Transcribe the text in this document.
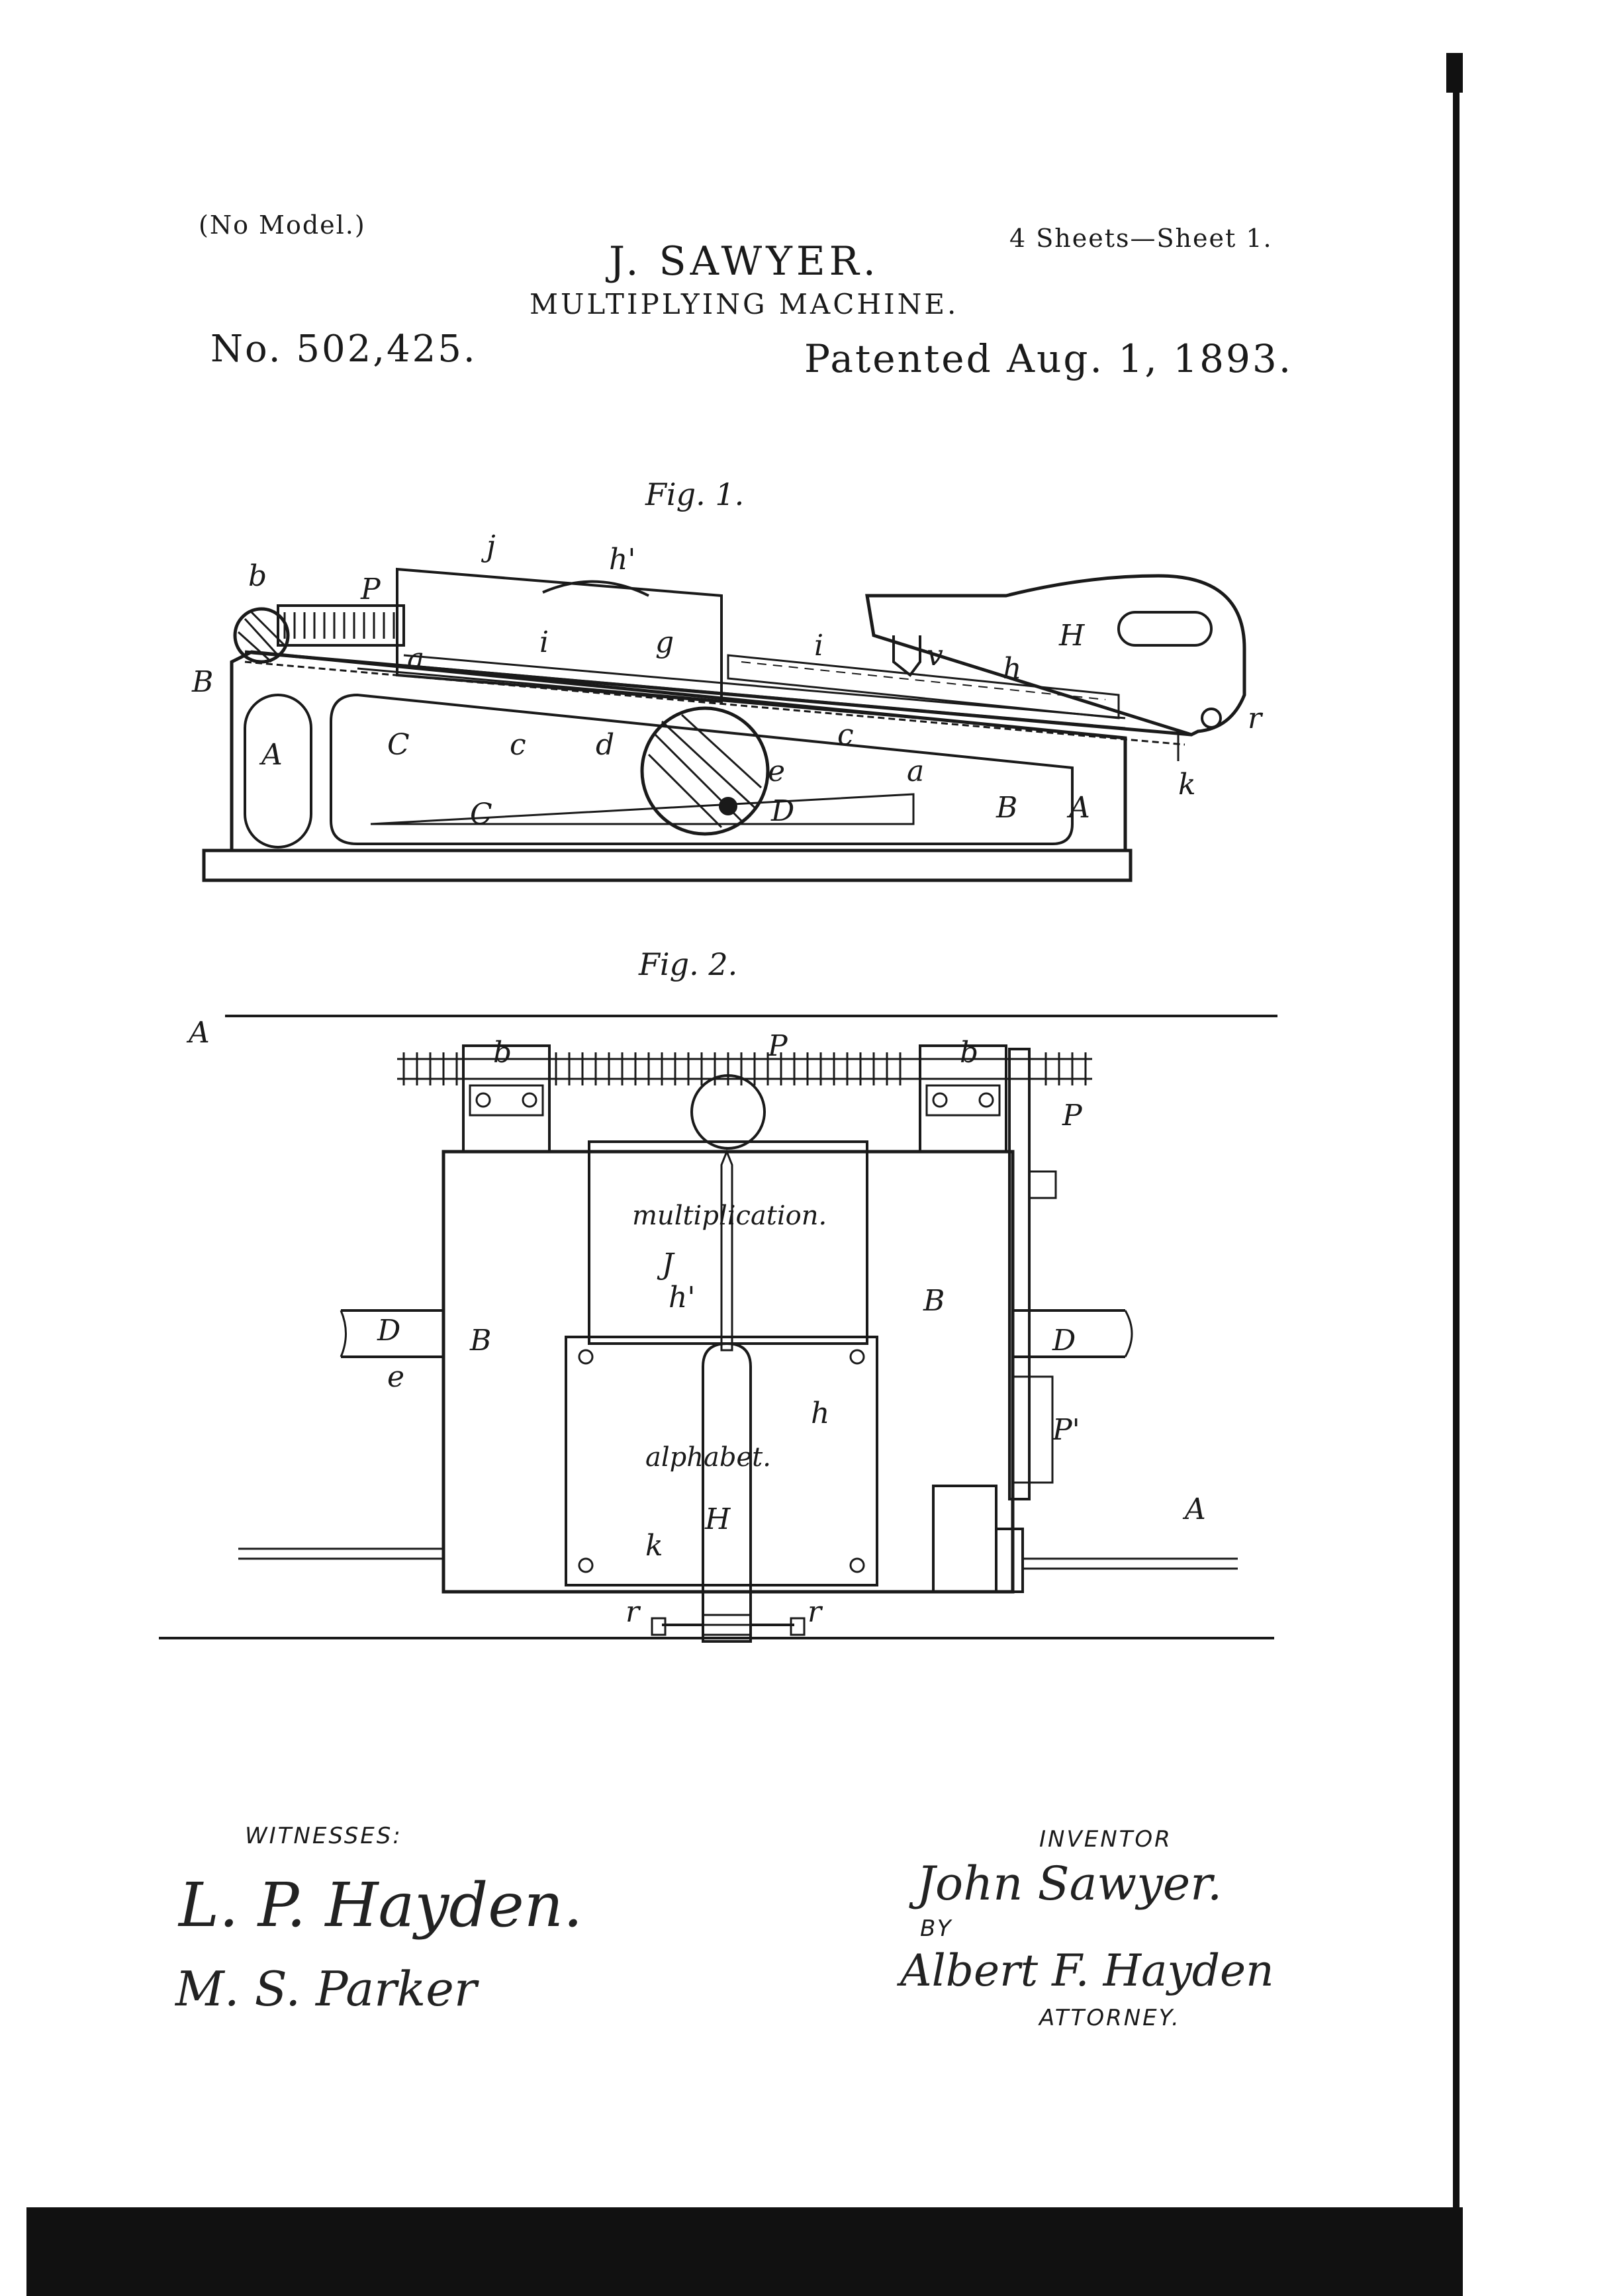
(No Model.)	4 Sheets—Sheet 1.
J. SAWYER.
MULTIPLYING MACHINE.
No. 502,425.	Patented Aug. 1, 1893.
Fig. 1.
Fig. 2.
b	P
j	h'
H
B
a	i	g	i	v h
r
C
C
c	c
d
e
D
A	a
B A
k
A
b	b
P
P
J
h'	B
B
D
e
D
h	P'
A
H
k
r	r
multiplication.
alphabet.
WITNESSES:
L. P. Hayden.
M. S. Parker
INVENTOR
John Sawyer.
BY
Albert F. Hayden
ATTORNEY.
